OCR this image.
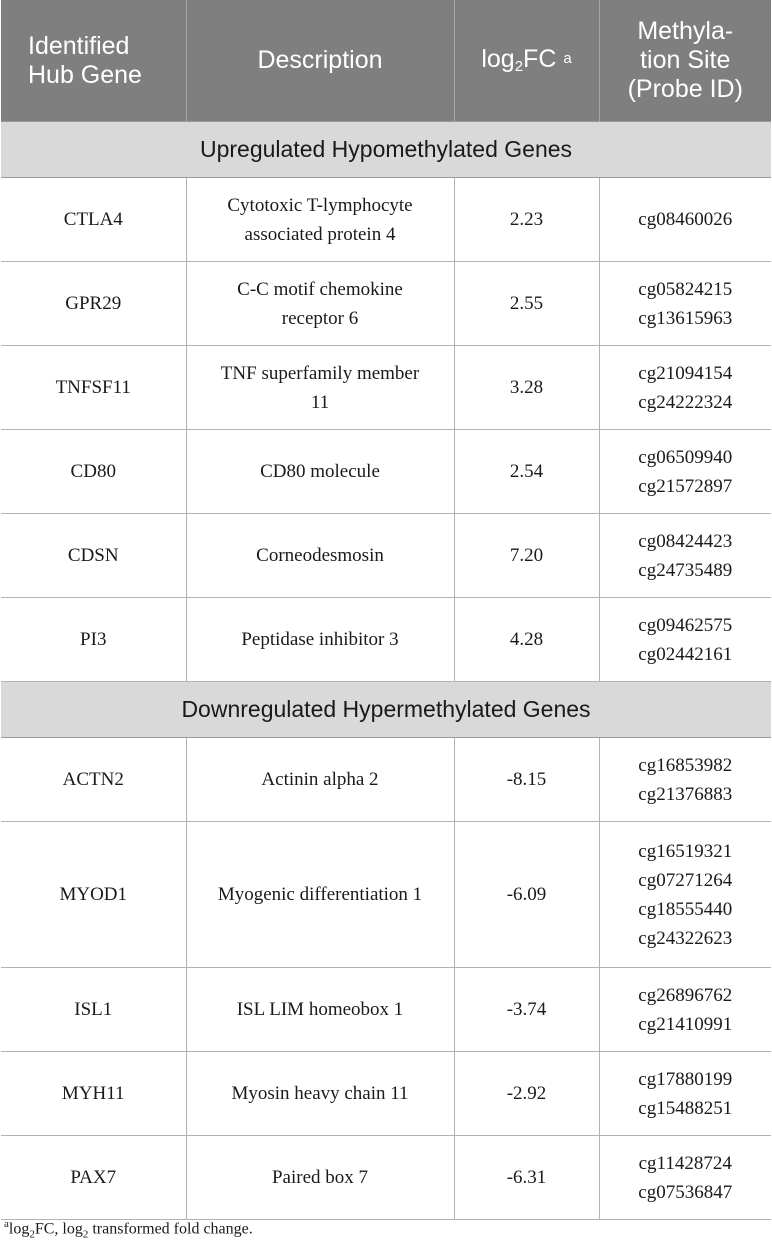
Identified Hub Gene	Description	$\log_2FC$ $^a$	Methyla-tion Site (Probe ID)

Upregulated Hypomethylated Genes			
CTLA4	Cytotoxic T-lymphocyte associated protein 4	2.23	cg08460026

GPR29	C-C motif chemokine receptor 6	2.55	cg05824215
cg13615963

TNFSF11	TNF superfamily member 11	3.28	cg21094154
cg24222324

CD80	CD80 molecule	2.54	cg06509940
cg21572897

CDSN	Corneodesmosin	7.20	cg08424423
cg24735489

PI3	Peptidase inhibitor 3	4.28	cg09462575
cg02442161

Downregulated Hypermethylated Genes			
ACTN2	Actinin alpha 2	-8.15	cg16853982
cg21376883

MYOD1	Myogenic differentiation 1	-6.09	cg16519321
cg07271264
cg18555440
cg24322623

ISL1	ISL LIM homeobox 1	-3.74	cg26896762
cg21410991

MYH11	Myosin heavy chain 11	-2.92	cg17880199
cg15488251

PAX7	Paired box 7	-6.31	cg11428724
cg07536847
$^a\log_2FC$, $\log_2$ transformed fold change.
